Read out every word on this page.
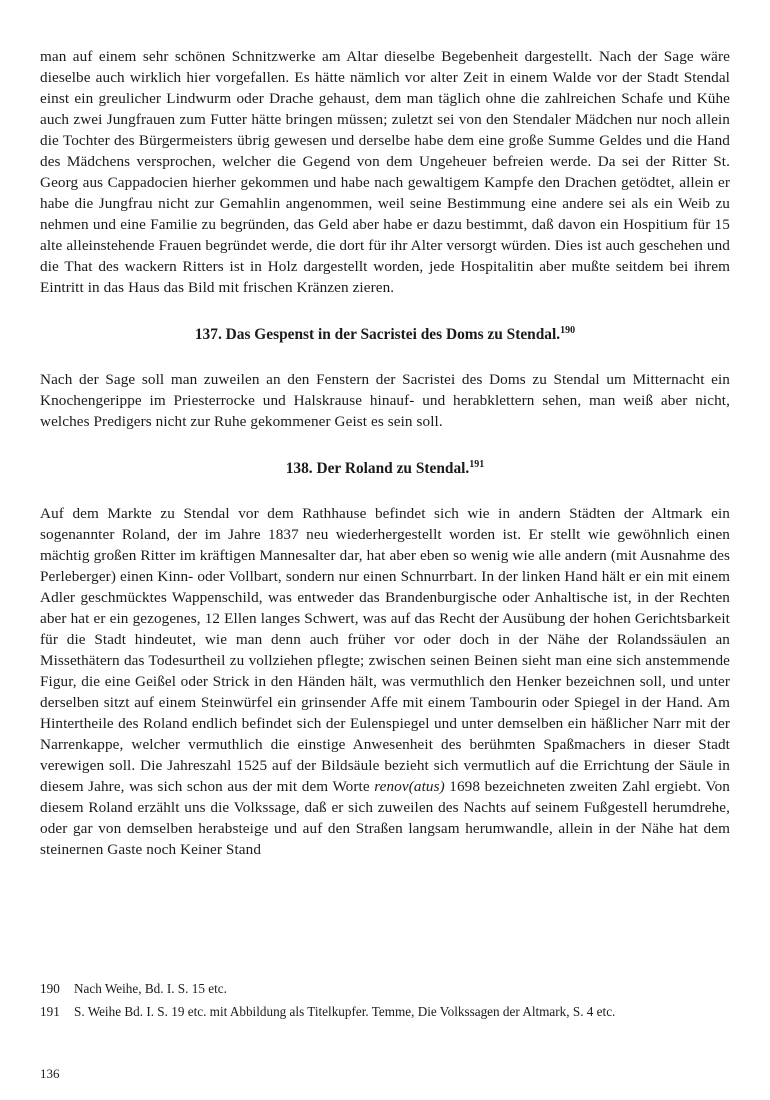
man auf einem sehr schönen Schnitzwerke am Altar dieselbe Begebenheit dargestellt. Nach der Sage wäre dieselbe auch wirklich hier vorgefallen. Es hätte nämlich vor alter Zeit in einem Walde vor der Stadt Stendal einst ein greulicher Lindwurm oder Drache gehaust, dem man täglich ohne die zahlreichen Schafe und Kühe auch zwei Jungfrauen zum Futter hätte bringen müssen; zuletzt sei von den Stendaler Mädchen nur noch allein die Tochter des Bürgermeisters übrig gewesen und derselbe habe dem eine große Summe Geldes und die Hand des Mädchens versprochen, welcher die Gegend von dem Ungeheuer befreien werde. Da sei der Ritter St. Georg aus Cappadocien hierher gekommen und habe nach gewaltigem Kampfe den Drachen getödtet, allein er habe die Jungfrau nicht zur Gemahlin angenommen, weil seine Bestimmung eine andere sei als ein Weib zu nehmen und eine Familie zu begründen, das Geld aber habe er dazu bestimmt, daß davon ein Hospitium für 15 alte alleinstehende Frauen begründet werde, die dort für ihr Alter versorgt würden. Dies ist auch geschehen und die That des wackern Ritters ist in Holz dargestellt worden, jede Hospitalitin aber mußte seitdem bei ihrem Eintritt in das Haus das Bild mit frischen Kränzen zieren.

137. Das Gespenst in der Sacristei des Doms zu Stendal.$^{190}$

Nach der Sage soll man zuweilen an den Fenstern der Sacristei des Doms zu Stendal um Mitternacht ein Knochengerippe im Priesterrocke und Halskrause hinauf- und herabklettern sehen, man weiß aber nicht, welches Predigers nicht zur Ruhe gekommener Geist es sein soll.

138. Der Roland zu Stendal.$^{191}$

Auf dem Markte zu Stendal vor dem Rathhause befindet sich wie in andern Städten der Altmark ein sogenannter Roland, der im Jahre 1837 neu wiederhergestellt worden ist. Er stellt wie gewöhnlich einen mächtig großen Ritter im kräftigen Mannesalter dar, hat aber eben so wenig wie alle andern (mit Ausnahme des Perleberger) einen Kinn- oder Vollbart, sondern nur einen Schnurrbart. In der linken Hand hält er ein mit einem Adler geschmücktes Wappenschild, was entweder das Brandenburgische oder Anhaltische ist, in der Rechten aber hat er ein gezogenes, 12 Ellen langes Schwert, was auf das Recht der Ausübung der hohen Gerichtsbarkeit für die Stadt hindeutet, wie man denn auch früher vor oder doch in der Nähe der Rolandssäulen an Missethätern das Todesurtheil zu vollziehen pflegte; zwischen seinen Beinen sieht man eine sich anstemmende Figur, die eine Geißel oder Strick in den Händen hält, was vermuthlich den Henker bezeichnen soll, und unter derselben sitzt auf einem Steinwürfel ein grinsender Affe mit einem Tambourin oder Spiegel in der Hand. Am Hintertheile des Roland endlich befindet sich der Eulenspiegel und unter demselben ein häßlicher Narr mit der Narrenkappe, welcher vermuthlich die einstige Anwesenheit des berühmten Spaßmachers in dieser Stadt verewigen soll. Die Jahreszahl 1525 auf der Bildsäule bezieht sich vermutlich auf die Errichtung der Säule in diesem Jahre, was sich schon aus der mit dem Worte renov(atus) 1698 bezeichneten zweiten Zahl ergiebt. Von diesem Roland erzählt uns die Volkssage, daß er sich zuweilen des Nachts auf seinem Fußgestell herumdrehe, oder gar von demselben herabsteige und auf den Straßen langsam herumwandle, allein in der Nähe hat dem steinernen Gaste noch Keiner Stand

190	Nach Weihe, Bd. I. S. 15 etc.
191	S. Weihe Bd. I. S. 19 etc. mit Abbildung als Titelkupfer. Temme, Die Volkssagen der Altmark, S. 4 etc.
136
